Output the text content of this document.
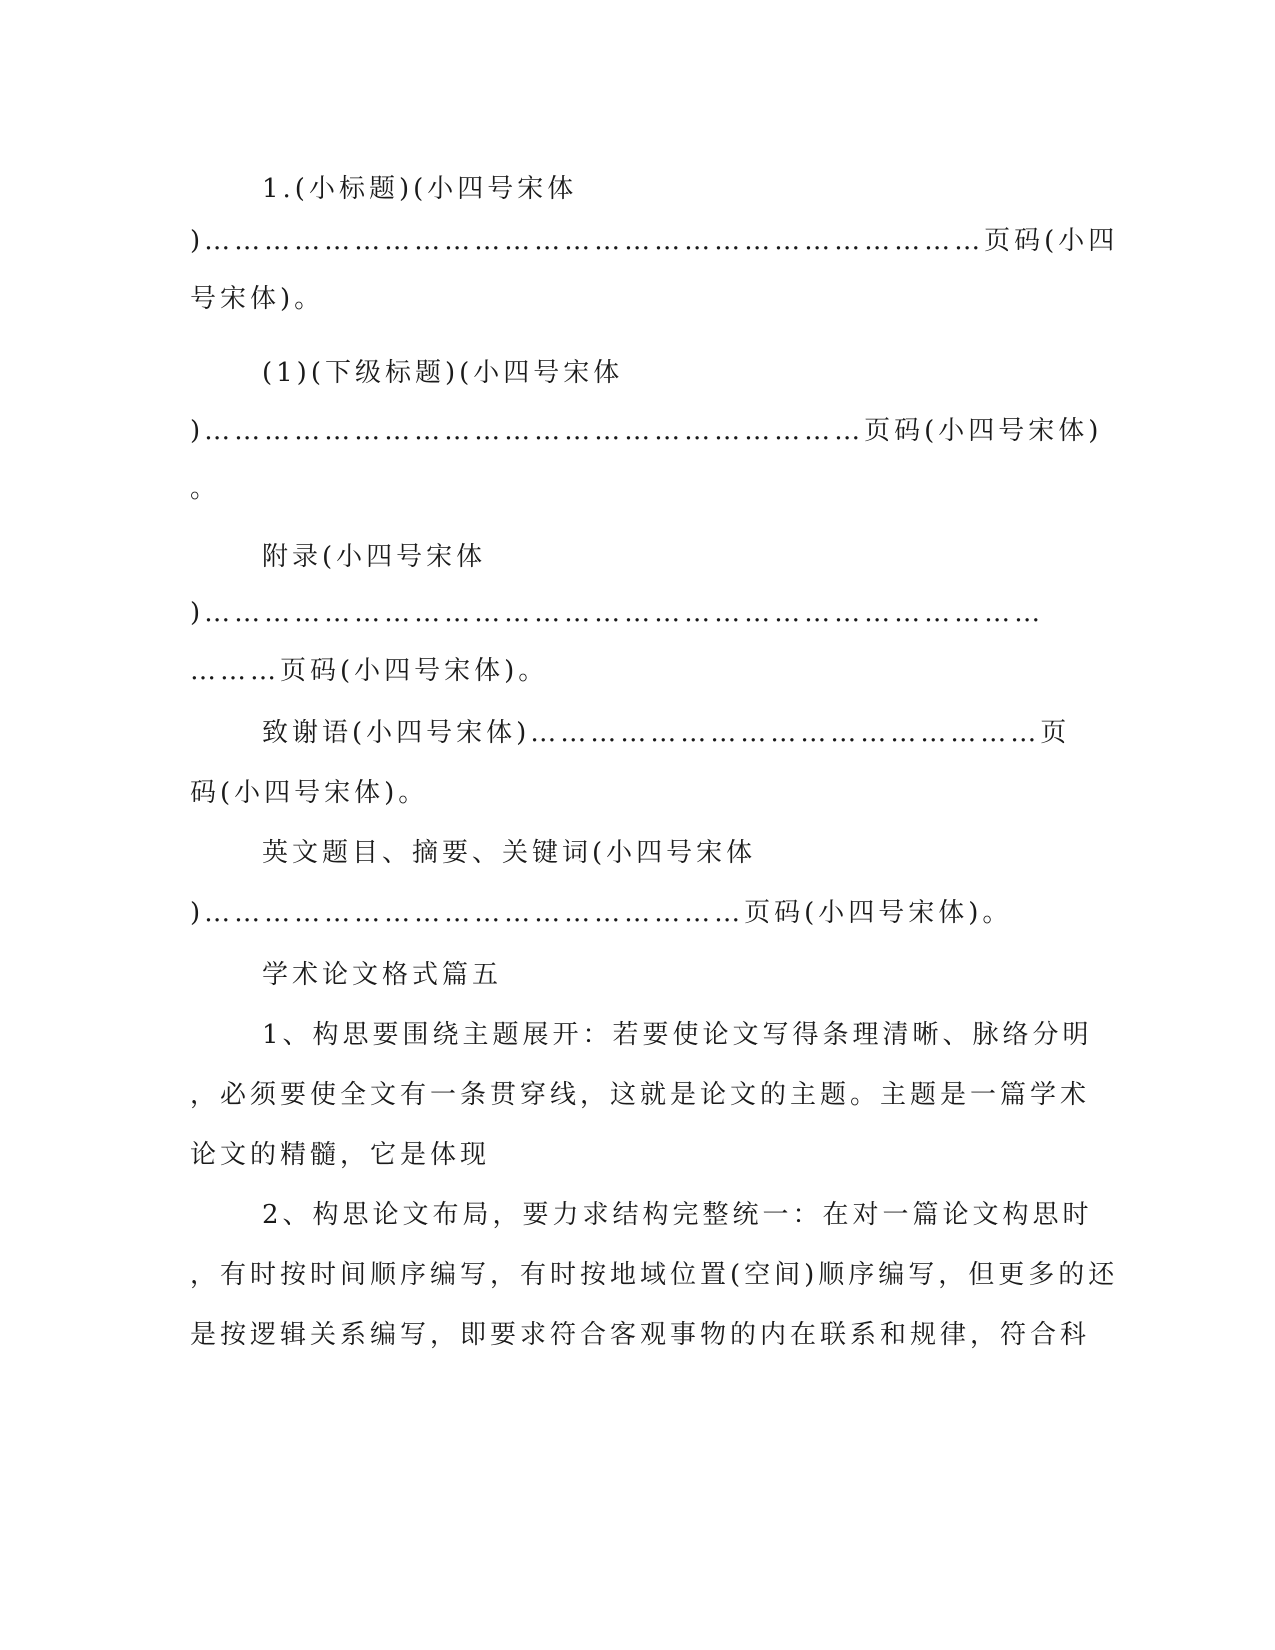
1.(小标题)(小四号宋体
)……………………………………………………………………页码(小四
号宋体)。
(1)(下级标题)(小四号宋体
)…………………………………………………………页码(小四号宋体)
。
附录(小四号宋体
)…………………………………………………………………………
………页码(小四号宋体)。
致谢语(小四号宋体)……………………………………………页
码(小四号宋体)。
英文题目、摘要、关键词(小四号宋体
)………………………………………………页码(小四号宋体)。
学术论文格式篇五
1、构思要围绕主题展开：若要使论文写得条理清晰、脉络分明
，必须要使全文有一条贯穿线，这就是论文的主题。主题是一篇学术
论文的精髓，它是体现
2、构思论文布局，要力求结构完整统一：在对一篇论文构思时
，有时按时间顺序编写，有时按地域位置(空间)顺序编写，但更多的还
是按逻辑关系编写，即要求符合客观事物的内在联系和规律，符合科
